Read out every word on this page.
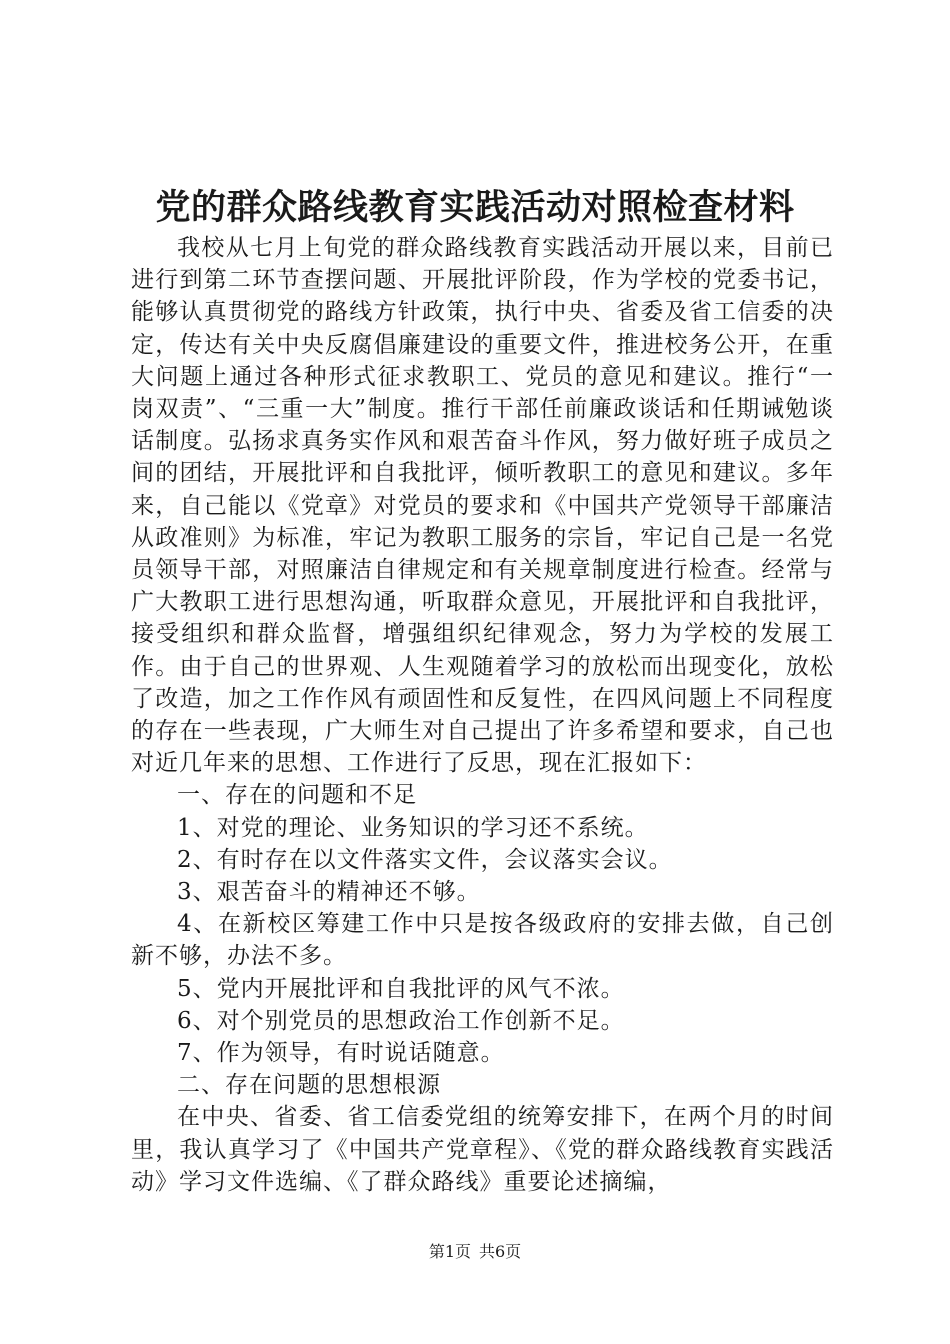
党的群众路线教育实践活动对照检查材料

我校从七月上旬党的群众路线教育实践活动开展以来，目前已进行到第二环节查摆问题、开展批评阶段，作为学校的党委书记，能够认真贯彻党的路线方针政策，执行中央、省委及省工信委的决定，传达有关中央反腐倡廉建设的重要文件，推进校务公开，在重大问题上通过各种形式征求教职工、党员的意见和建议。推行“一岗双责”、“三重一大”制度。推行干部任前廉政谈话和任期诫勉谈话制度。弘扬求真务实作风和艰苦奋斗作风，努力做好班子成员之间的团结，开展批评和自我批评，倾听教职工的意见和建议。多年来，自己能以《党章》对党员的要求和《中国共产党领导干部廉洁从政准则》为标准，牢记为教职工服务的宗旨，牢记自己是一名党员领导干部，对照廉洁自律规定和有关规章制度进行检查。经常与广大教职工进行思想沟通，听取群众意见，开展批评和自我批评，接受组织和群众监督，增强组织纪律观念，努力为学校的发展工作。由于自己的世界观、人生观随着学习的放松而出现变化，放松了改造，加之工作作风有顽固性和反复性，在四风问题上不同程度的存在一些表现，广大师生对自己提出了许多希望和要求，自己也对近几年来的思想、工作进行了反思，现在汇报如下：

一、存在的问题和不足

1、对党的理论、业务知识的学习还不系统。

2、有时存在以文件落实文件，会议落实会议。

3、艰苦奋斗的精神还不够。

4、在新校区筹建工作中只是按各级政府的安排去做，自己创新不够，办法不多。

5、党内开展批评和自我批评的风气不浓。

6、对个别党员的思想政治工作创新不足。

7、作为领导，有时说话随意。

二、存在问题的思想根源

在中央、省委、省工信委党组的统筹安排下，在两个月的时间里，我认真学习了《中国共产党章程》、《党的群众路线教育实践活动》学习文件选编、《了群众路线》重要论述摘编，

第1页 共6页
